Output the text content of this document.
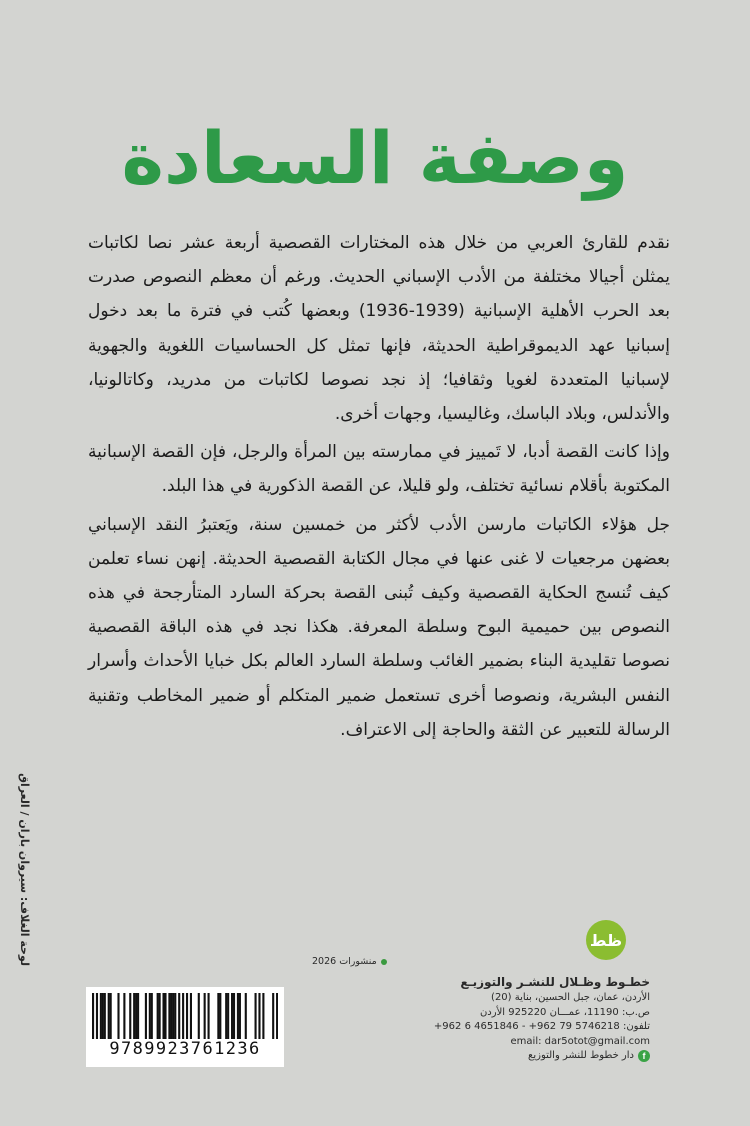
وصفة السعادة

نقدم للقارئ العربي من خلال هذه المختارات القصصية أربعة عشر نصا لكاتبات يمثلن أجيالا مختلفة من الأدب الإسباني الحديث. ورغم أن معظم النصوص صدرت بعد الحرب الأهلية الإسبانية (1939-1936) وبعضها كُتب في فترة ما بعد دخول إسبانيا عهد الديموقراطية الحديثة، فإنها تمثل كل الحساسيات اللغوية والجهوية لإسبانيا المتعددة لغويا وثقافيا؛ إذ نجد نصوصا لكاتبات من مدريد، وكاتالونيا، والأندلس، وبلاد الباسك، وغاليسيا، وجهات أخرى.

وإذا كانت القصة أدبا، لا تَمييز في ممارسته بين المرأة والرجل، فإن القصة الإسبانية المكتوبة بأقلام نسائية تختلف، ولو قليلا، عن القصة الذكورية في هذا البلد.

جل هؤلاء الكاتبات مارسن الأدب لأكثر من خمسين سنة، ويَعتبرُ النقد الإسباني بعضهن مرجعيات لا غنى عنها في مجال الكتابة القصصية الحديثة. إنهن نساء تعلمن كيف تُنسج الحكاية القصصية وكيف تُبنى القصة بحركة السارد المتأرجحة في هذه النصوص بين حميمية البوح وسلطة المعرفة. هكذا نجد في هذه الباقة القصصية نصوصا تقليدية البناء بضمير الغائب وسلطة السارد العالم بكل خبايا الأحداث وأسرار النفس البشرية، ونصوصا أخرى تستعمل ضمير المتكلم أو ضمير المخاطب وتقنية الرسالة للتعبير عن الثقة والحاجة إلى الاعتراف.

لوحة الغلاف: سيروان باران / العراق	ظط
منشورات 2026
خطـوط وظـلال للنشـر والتوزيـع
الأردن، عمان، جبل الحسين، بناية (20)
ص.ب: 11190، عمـــان 925220 الأردن
تلفون: 5746218 79 962+ - 4651846 6 962+
email: dar5otot@gmail.com
f
دار خطوط للنشر والتوزيع
9789923761236
